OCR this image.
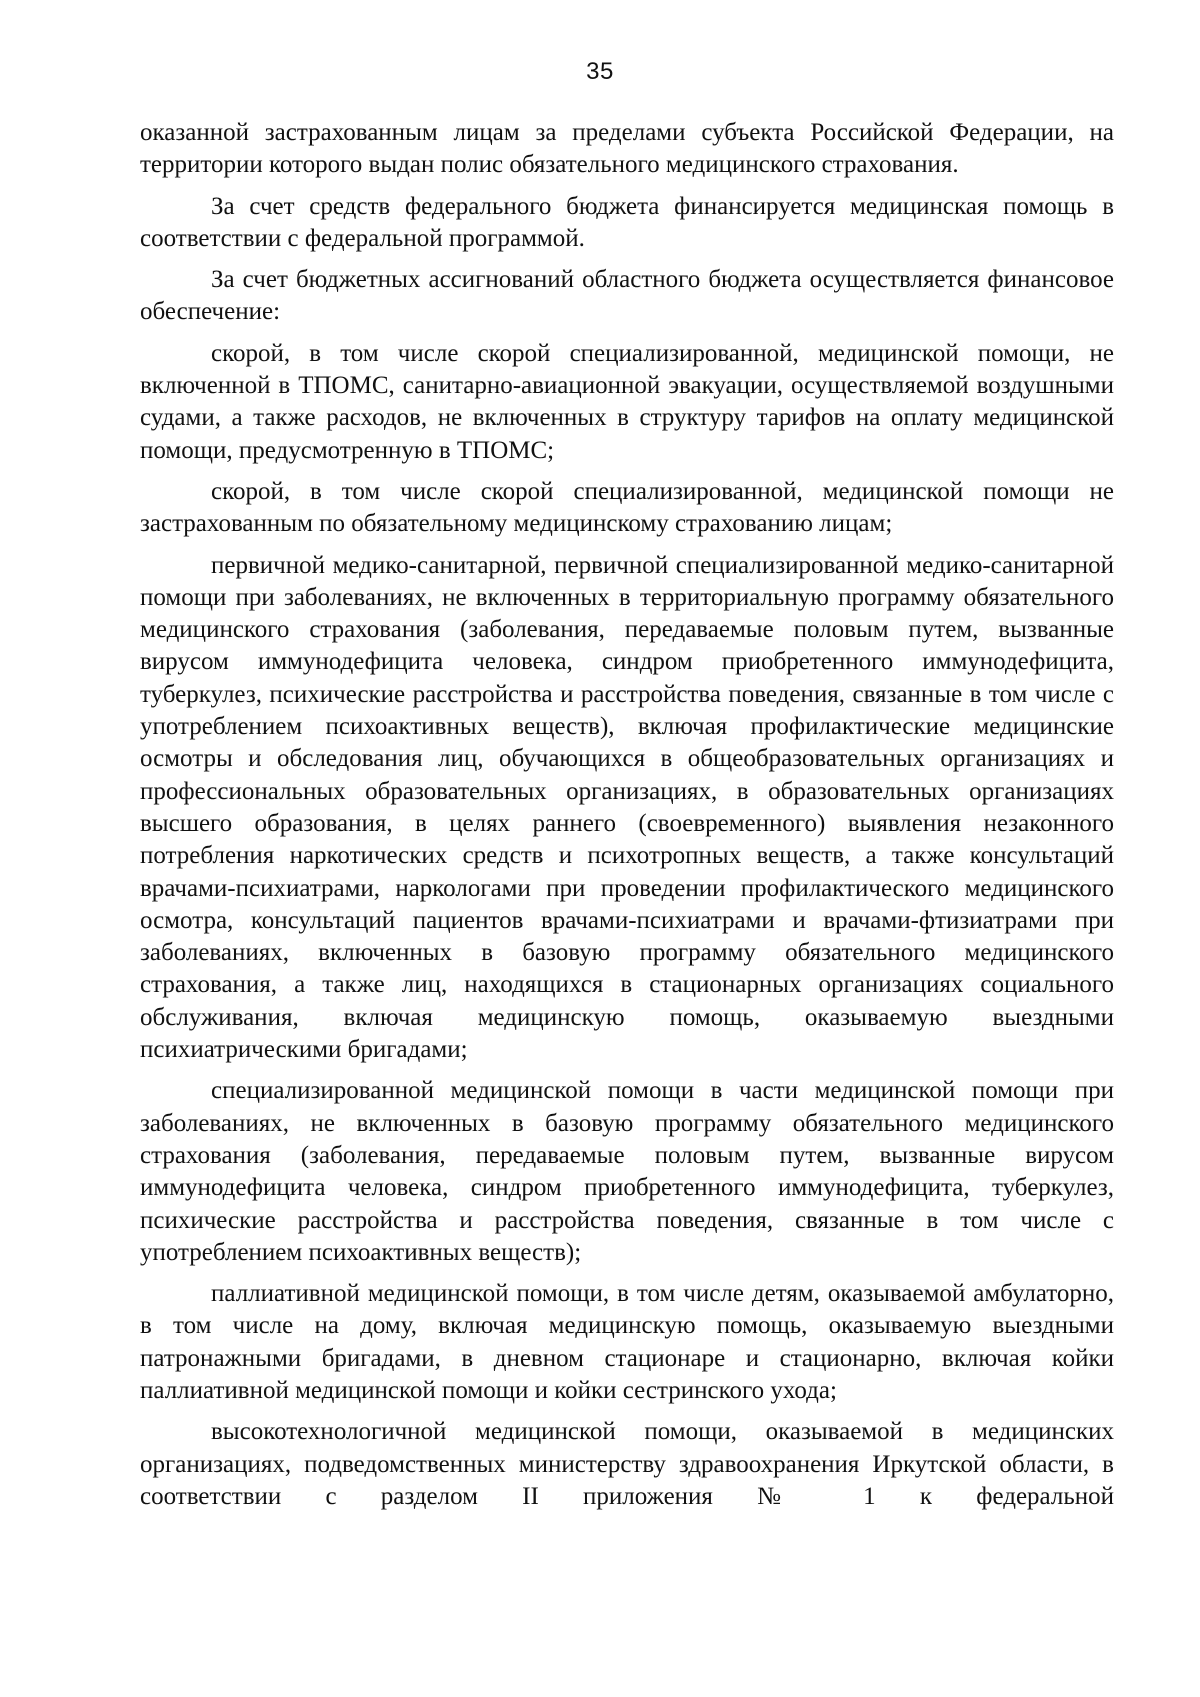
35

оказанной застрахованным лицам за пределами субъекта Российской Федерации, на территории которого выдан полис обязательного медицинского страхования.

За счет средств федерального бюджета финансируется медицинская помощь в соответствии с федеральной программой.

За счет бюджетных ассигнований областного бюджета осуществляется финансовое обеспечение:

скорой, в том числе скорой специализированной, медицинской помощи, не включенной в ТПОМС, санитарно-авиационной эвакуации, осуществляемой воздушными судами, а также расходов, не включенных в структуру тарифов на оплату медицинской помощи, предусмотренную в ТПОМС;

скорой, в том числе скорой специализированной, медицинской помощи не застрахованным по обязательному медицинскому страхованию лицам;

первичной медико-санитарной, первичной специализированной медико-санитарной помощи при заболеваниях, не включенных в территориальную программу обязательного медицинского страхования (заболевания, передаваемые половым путем, вызванные вирусом иммунодефицита человека, синдром приобретенного иммунодефицита, туберкулез, психические расстройства и расстройства поведения, связанные в том числе с употреблением психоактивных веществ), включая профилактические медицинские осмотры и обследования лиц, обучающихся в общеобразовательных организациях и профессиональных образовательных организациях, в образовательных организациях высшего образования, в целях раннего (своевременного) выявления незаконного потребления наркотических средств и психотропных веществ, а также консультаций врачами-психиатрами, наркологами при проведении профилактического медицинского осмотра, консультаций пациентов врачами-психиатрами и врачами-фтизиатрами при заболеваниях, включенных в базовую программу обязательного медицинского страхования, а также лиц, находящихся в стационарных организациях социального обслуживания, включая медицинскую помощь, оказываемую выездными психиатрическими бригадами;

специализированной медицинской помощи в части медицинской помощи при заболеваниях, не включенных в базовую программу обязательного медицинского страхования (заболевания, передаваемые половым путем, вызванные вирусом иммунодефицита человека, синдром приобретенного иммунодефицита, туберкулез, психические расстройства и расстройства поведения, связанные в том числе с употреблением психоактивных веществ);

паллиативной медицинской помощи, в том числе детям, оказываемой амбулаторно, в том числе на дому, включая медицинскую помощь, оказываемую выездными патронажными бригадами, в дневном стационаре и стационарно, включая койки паллиативной медицинской помощи и койки сестринского ухода;

высокотехнологичной медицинской помощи, оказываемой в медицинских организациях, подведомственных министерству здравоохранения Иркутской области, в соответствии с разделом II приложения № 1 к федеральной
